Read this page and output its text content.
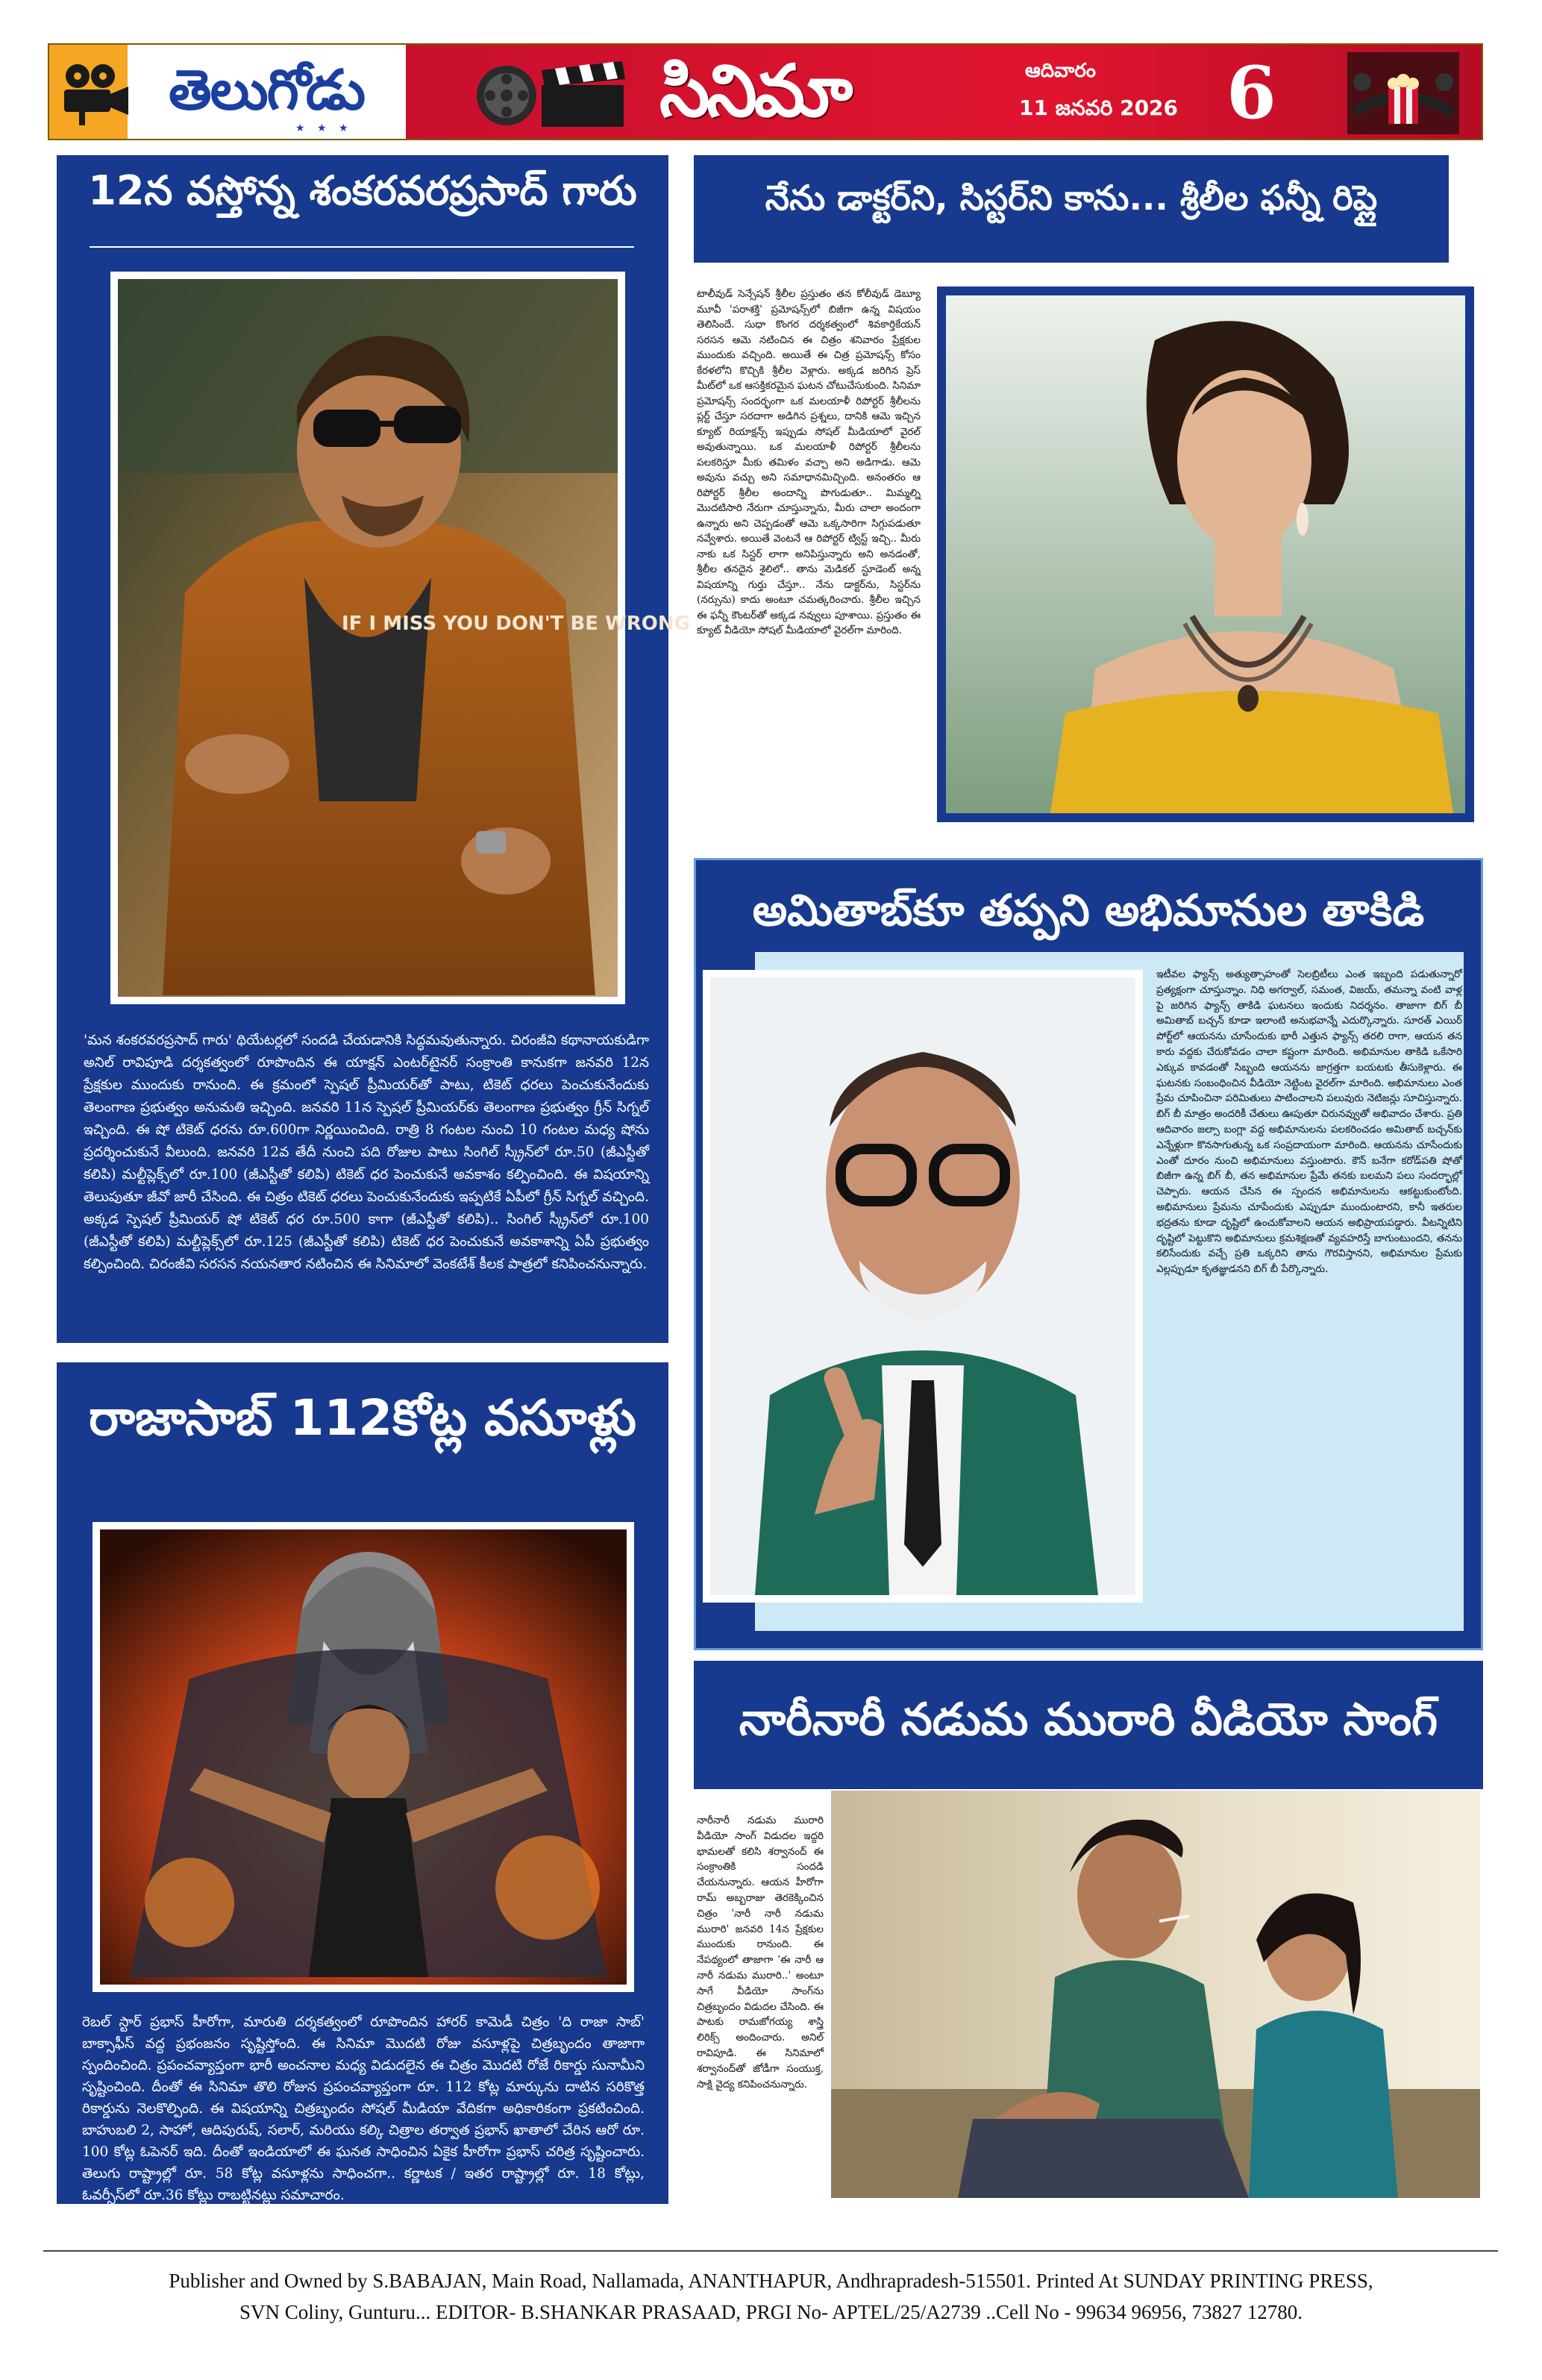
తెలుగోడు
★ ★ ★	సినిమా	ఆదివారం
11 జనవరి 2026 6
12న వస్తోన్న శంకరవరప్రసాద్ గారు
IF I MISS YOU DON'T BE WRONG
'మన శంకరవరప్రసాద్ గారు' థియేటర్లలో సందడి చేయడానికి సిద్ధమవుతున్నారు. చిరంజీవి కథానాయకుడిగా అనిల్ రావిపూడి దర్శకత్వంలో రూపొందిన ఈ యాక్షన్ ఎంటర్‌టైనర్ సంక్రాంతి కానుకగా జనవరి 12న ప్రేక్షకుల ముందుకు రానుంది. ఈ క్రమంలో స్పెషల్ ప్రీమియర్‌తో పాటు, టికెట్ ధరలు పెంచుకునేందుకు తెలంగాణ ప్రభుత్వం అనుమతి ఇచ్చింది. జనవరి 11న స్పెషల్ ప్రీమియర్‌కు తెలంగాణ ప్రభుత్వం గ్రీన్ సిగ్నల్ ఇచ్చింది. ఈ షో టికెట్ ధరను రూ.600గా నిర్ణయించింది. రాత్రి 8 గంటల నుంచి 10 గంటల మధ్య షోను ప్రదర్శించుకునే వీలుంది. జనవరి 12వ తేదీ నుంచి పది రోజుల పాటు సింగిల్ స్క్రీన్‌లో రూ.50 (జీఎస్టీతో కలిపి) మల్టీప్లెక్స్‌లో రూ.100 (జీఎస్టీతో కలిపి) టికెట్ ధర పెంచుకునే అవకాశం కల్పించింది. ఈ విషయాన్ని తెలుపుతూ జీవో జారీ చేసింది. ఈ చిత్రం టికెట్ ధరలు పెంచుకునేందుకు ఇప్పటికే ఏపీలో గ్రీన్ సిగ్నల్ వచ్చింది. అక్కడ స్పెషల్ ప్రీమియర్ షో టికెట్ ధర రూ.500 కాగా (జీఎస్టీతో కలిపి).. సింగిల్ స్క్రీన్‌లో రూ.100 (జీఎస్టీతో కలిపి) మల్టీప్లెక్స్‌లో రూ.125 (జీఎస్టీతో కలిపి) టికెట్ ధర పెంచుకునే అవకాశాన్ని ఏపీ ప్రభుత్వం కల్పించింది. చిరంజీవి సరసన నయనతార నటించిన ఈ సినిమాలో వెంకటేశ్ కీలక పాత్రలో కనిపించనున్నారు.
రాజాసాబ్ 112కోట్ల వసూళ్లు
రెబల్ స్టార్ ప్రభాస్ హీరోగా, మారుతి దర్శకత్వంలో రూపొందిన హారర్ కామెడీ చిత్రం 'ది రాజా సాబ్' బాక్సాఫీస్ వద్ద ప్రభంజనం సృష్టిస్తోంది. ఈ సినిమా మొదటి రోజు వసూళ్లపై చిత్రబృందం తాజాగా స్పందించింది. ప్రపంచవ్యాప్తంగా భారీ అంచనాల మధ్య విడుదలైన ఈ చిత్రం మొదటి రోజే రికార్డు సునామీని సృష్టించింది. దీంతో ఈ సినిమా తొలి రోజున ప్రపంచవ్యాప్తంగా రూ. 112 కోట్ల మార్కును దాటిన సరికొత్త రికార్డును నెలకొల్పింది. ఈ విషయాన్ని చిత్రబృందం సోషల్ మీడియా వేదికగా అధికారికంగా ప్రకటించింది. బాహుబలి 2, సాహో, ఆదిపురుష్, సలార్, మరియు కల్కి చిత్రాల తర్వాత ప్రభాస్ ఖాతాలో చేరిన ఆరో రూ. 100 కోట్ల ఓపెనర్ ఇది. దీంతో ఇండియాలో ఈ ఘనత సాధించిన ఏకైక హీరోగా ప్రభాస్ చరిత్ర సృష్టించారు. తెలుగు రాష్ట్రాల్లో రూ. 58 కోట్ల వసూళ్లను సాధించగా.. కర్ణాటక / ఇతర రాష్ట్రాల్లో రూ. 18 కోట్లు, ఓవర్సీస్‌లో రూ.36 కోట్లు రాబట్టినట్లు సమాచారం.
నేను డాక్టర్‌ని, సిస్టర్‌ని కాను... శ్రీలీల ఫన్నీ రిప్లై
టాలీవుడ్ సెన్సేషన్ శ్రీలీల ప్రస్తుతం తన కోలీవుడ్ డెబ్యూ మూవీ 'పరాశక్తి' ప్రమోషన్స్‌లో బిజీగా ఉన్న విషయం తెలిసిందే. సుధా కొంగర దర్శకత్వంలో శివకార్తికేయన్ సరసన ఆమె నటించిన ఈ చిత్రం శనివారం ప్రేక్షకుల ముందుకు వచ్చింది. అయితే ఈ చిత్ర ప్రమోషన్స్ కోసం కేరళలోని కొచ్చికి శ్రీలీల వెళ్లారు. అక్కడ జరిగిన ప్రెస్ మీట్‌లో ఒక ఆసక్తికరమైన ఘటన చోటుచేసుకుంది. సినిమా ప్రమోషన్స్ సందర్భంగా ఒక మలయాళీ రిపోర్టర్ శ్రీలీలను ప్లర్ట్ చేస్తూ సరదాగా అడిగిన ప్రశ్నలు, దానికి ఆమె ఇచ్చిన క్యూట్ రియాక్షన్స్ ఇప్పుడు సోషల్ మీడియాలో వైరల్ అవుతున్నాయి. ఒక మలయాళీ రిపోర్టర్ శ్రీలీలను పలకరిస్తూ మీకు తమిళం వచ్చా అని అడిగాడు. ఆమె అవును వచ్చు అని సమాధానమిచ్చింది. అనంతరం ఆ రిపోర్టర్ శ్రీలీల అందాన్ని పొగుడుతూ.. మిమ్మల్ని మొదటిసారి నేరుగా చూస్తున్నాను, మీరు చాలా అందంగా ఉన్నారు అని చెప్పడంతో ఆమె ఒక్కసారిగా సిగ్గుపడుతూ నవ్వేశారు. అయితే వెంటనే ఆ రిపోర్టర్ ట్విస్ట్ ఇచ్చి.. మీరు నాకు ఒక సిస్టర్ లాగా అనిపిస్తున్నారు అని అనడంతో, శ్రీలీల తనదైన శైలిలో.. తాను మెడికల్ స్టూడెంట్ అన్న విషయాన్ని గుర్తు చేస్తూ.. నేను డాక్టర్‌ను, సిస్టర్‌ను (నర్సును) కాదు అంటూ చమత్కరించారు. శ్రీలీల ఇచ్చిన ఈ ఫన్నీ కౌంటర్‌తో అక్కడ నవ్వులు పూశాయి. ప్రస్తుతం ఈ క్యూట్ వీడియో సోషల్ మీడియాలో వైరల్‌గా మారింది.
అమితాబ్‌కూ తప్పని అభిమానుల తాకిడి
ఇటీవల ఫ్యాన్స్ అత్యుత్సాహంతో సెలబ్రిటీలు ఎంత ఇబ్బంది పడుతున్నారో ప్రత్యక్షంగా చూస్తున్నాం. నిధి అగర్వాల్, సమంత, విజయ్, తమన్నా వంటి వాళ్ల పై జరిగిన ఫ్యాన్స్ తాకిడి ఘటనలు ఇందుకు నిదర్శనం. తాజాగా బిగ్ బీ అమితాబ్ బచ్చన్ కూడా ఇలాంటి అనుభవాన్నే ఎదుర్కొన్నారు. సూరత్ ఎయిర్ పోర్ట్‌లో ఆయనను చూసేందుకు భారీ ఎత్తున ఫ్యాన్స్ తరలి రాగా, ఆయన తన కారు వద్దకు చేరుకోవడం చాలా కష్టంగా మారింది. అభిమానుల తాకిడి ఒకేసారి ఎక్కువ కావడంతో సిబ్బంది ఆయనను జాగ్రత్తగా బయటకు తీసుకెళ్లారు. ఈ ఘటనకు సంబంధించిన వీడియో నెట్టింట వైరల్‌గా మారింది. అభిమానులు ఎంత ప్రేమ చూపించినా పరిమితులు పాటించాలని పలువురు నెటిజన్లు సూచిస్తున్నారు. బిగ్ బీ మాత్రం అందరికీ చేతులు ఊపుతూ చిరునవ్వుతో అభివాదం చేశారు. ప్రతి ఆదివారం జల్సా బంగ్లా వద్ద అభిమానులను పలకరించడం అమితాబ్ బచ్చన్‌కు ఎన్నేళ్లుగా కొనసాగుతున్న ఒక సంప్రదాయంగా మారింది. ఆయనను చూసేందుకు ఎంతో దూరం నుంచి అభిమానులు వస్తుంటారు. కౌన్ బనేగా కరోడ్‌పతి షోతో బిజీగా ఉన్న బిగ్ బీ, తన అభిమానుల ప్రేమే తనకు బలమని పలు సందర్భాల్లో చెప్పారు. ఆయన చేసిన ఈ స్పందన అభిమానులను ఆకట్టుకుంటోంది. అభిమానులు ప్రేమను చూపేందుకు ఎప్పుడూ ముందుంటారని, కానీ ఇతరుల భద్రతను కూడా దృష్టిలో ఉంచుకోవాలని ఆయన అభిప్రాయపడ్డారు. వీటన్నిటిని దృష్టిలో పెట్టుకొని అభిమానులు క్రమశిక్షణతో వ్యవహరిస్తే బాగుంటుందని, తనను కలిసేందుకు వచ్చే ప్రతి ఒక్కరిని తాను గౌరవిస్తానని, అభిమానుల ప్రేమకు ఎల్లప్పుడూ కృతజ్ఞుడనని బిగ్ బీ పేర్కొన్నారు.
నారీనారీ నడుమ మురారి వీడియో సాంగ్
నారీనారీ నడుమ మురారి వీడియో సాంగ్ విడుదల ఇద్దరి భామలతో కలిసి శర్వానంద్ ఈ సంక్రాంతికి సందడి చేయనున్నారు. ఆయన హీరోగా రామ్ అబ్బరాజు తెరకెక్కించిన చిత్రం 'నారీ నారీ నడుమ మురారి' జనవరి 14న ప్రేక్షకుల ముందుకు రానుంది. ఈ నేపథ్యంలో తాజాగా 'ఈ నారీ ఆ నారీ నడుమ మురారి..' అంటూ సాగే వీడియో సాంగ్‌ను చిత్రబృందం విడుదల చేసింది. ఈ పాటకు రామజోగయ్య శాస్త్రి లిరిక్స్ అందించారు. అనిల్ రావిపూడి. ఈ సినిమాలో శర్వానంద్‌తో జోడీగా సంయుక్త, సాక్షి వైద్య కనిపించనున్నారు.
Publisher and Owned by S.BABAJAN, Main Road, Nallamada, ANANTHAPUR, Andhrapradesh-515501. Printed At SUNDAY PRINTING PRESS,
SVN Coliny, Gunturu... EDITOR- B.SHANKAR PRASAAD, PRGI No- APTEL/25/A2739 ..Cell No - 99634 96956, 73827 12780.
